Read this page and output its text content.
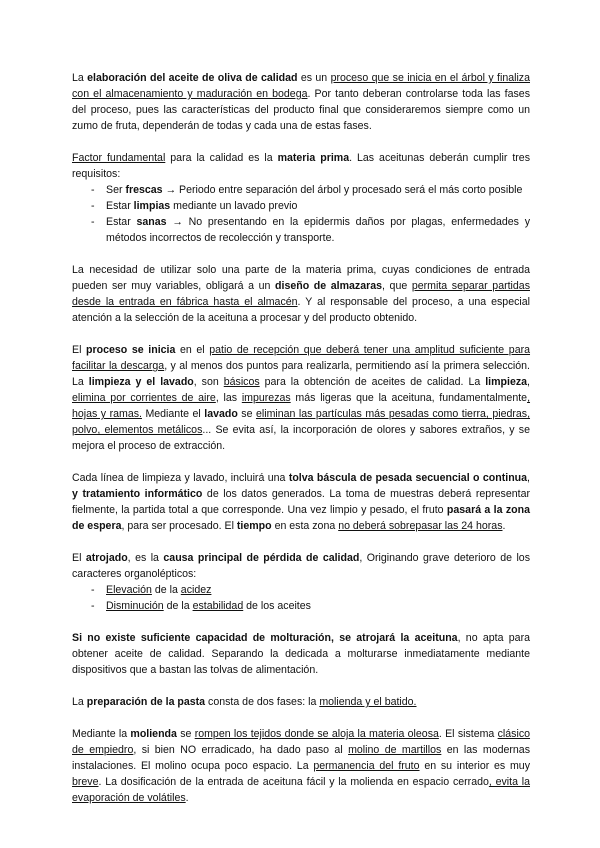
La elaboración del aceite de oliva de calidad es un proceso que se inicia en el árbol y finaliza con el almacenamiento y maduración en bodega. Por tanto deberan controlarse toda las fases del proceso, pues las características del producto final que consideraremos siempre como un zumo de fruta, dependerán de todas y cada una de estas fases.

Factor fundamental para la calidad es la materia prima. Las aceitunas deberán cumplir tres requisitos:
- Ser frescas → Periodo entre separación del árbol y procesado será el más corto posible
- Estar limpias mediante un lavado previo
- Estar sanas → No presentando en la epidermis daños por plagas, enfermedades y métodos incorrectos de recolección y transporte.

La necesidad de utilizar solo una parte de la materia prima, cuyas condiciones de entrada pueden ser muy variables, obligará a un diseño de almazaras, que permita separar partidas desde la entrada en fábrica hasta el almacén. Y al responsable del proceso, a una especial atención a la selección de la aceituna a procesar y del producto obtenido.

El proceso se inicia en el patio de recepción que deberá tener una amplitud suficiente para facilitar la descarga, y al menos dos puntos para realizarla, permitiendo así la primera selección. La limpieza y el lavado, son básicos para la obtención de aceites de calidad. La limpieza, elimina por corrientes de aire, las impurezas más ligeras que la aceituna, fundamentalmente, hojas y ramas. Mediante el lavado se eliminan las partículas más pesadas como tierra, piedras, polvo, elementos metálicos... Se evita así, la incorporación de olores y sabores extraños, y se mejora el proceso de extracción.

Cada línea de limpieza y lavado, incluirá una tolva báscula de pesada secuencial o continua, y tratamiento informático de los datos generados. La toma de muestras deberá representar fielmente, la partida total a que corresponde. Una vez limpio y pesado, el fruto pasará a la zona de espera, para ser procesado. El tiempo en esta zona no deberá sobrepasar las 24 horas.

El atrojado, es la causa principal de pérdida de calidad, Originando grave deterioro de los caracteres organolépticos:
- Elevación de la acidez
- Disminución de la estabilidad de los aceites

Si no existe suficiente capacidad de molturación, se atrojará la aceituna, no apta para obtener aceite de calidad. Separando la dedicada a molturarse inmediatamente mediante dispositivos que a bastan las tolvas de alimentación.

La preparación de la pasta consta de dos fases: la molienda y el batido.

Mediante la molienda se rompen los tejidos donde se aloja la materia oleosa. El sistema clásico de empiedro, si bien NO erradicado, ha dado paso al molino de martillos en las modernas instalaciones. El molino ocupa poco espacio. La permanencia del fruto en su interior es muy breve. La dosificación de la entrada de aceituna fácil y la molienda en espacio cerrado, evita la evaporación de volátiles.
